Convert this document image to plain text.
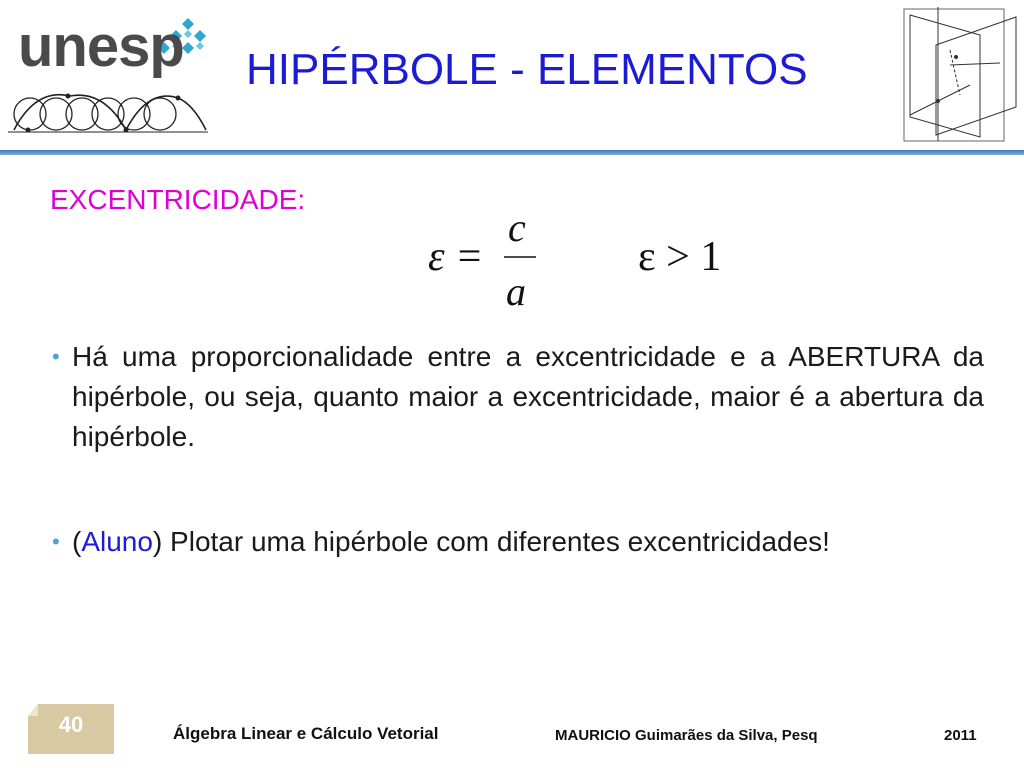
unesp HIPÉRBOLE - ELEMENTOS
EXCENTRICIDADE:
ε =
c
a
ε > 1
• Há uma proporcionalidade entre a excentricidade e a ABERTURA da hipérbole, ou seja, quanto maior a excentricidade, maior é a abertura da hipérbole.
• (Aluno) Plotar uma hipérbole com diferentes excentricidades!
40	Álgebra Linear e Cálculo Vetorial	MAURICIO Guimarães da Silva, Pesq	2011
